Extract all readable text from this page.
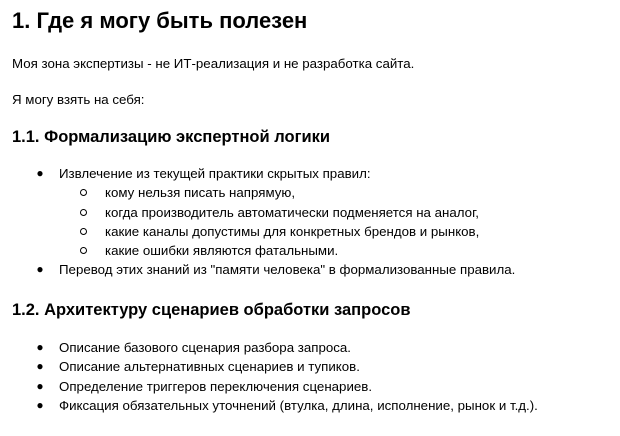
1. Где я могу быть полезен
Моя зона экспертизы - не ИТ-реализация и не разработка сайта.
Я могу взять на себя:
1.1. Формализацию экспертной логики
● Извлечение из текущей практики скрытых правил:
кому нельзя писать напрямую,
когда производитель автоматически подменяется на аналог,
какие каналы допустимы для конкретных брендов и рынков,
какие ошибки являются фатальными.
● Перевод этих знаний из "памяти человека" в формализованные правила.
1.2. Архитектуру сценариев обработки запросов
● Описание базового сценария разбора запроса.
● Описание альтернативных сценариев и тупиков.
● Определение триггеров переключения сценариев.
● Фиксация обязательных уточнений (втулка, длина, исполнение, рынок и т.д.).
